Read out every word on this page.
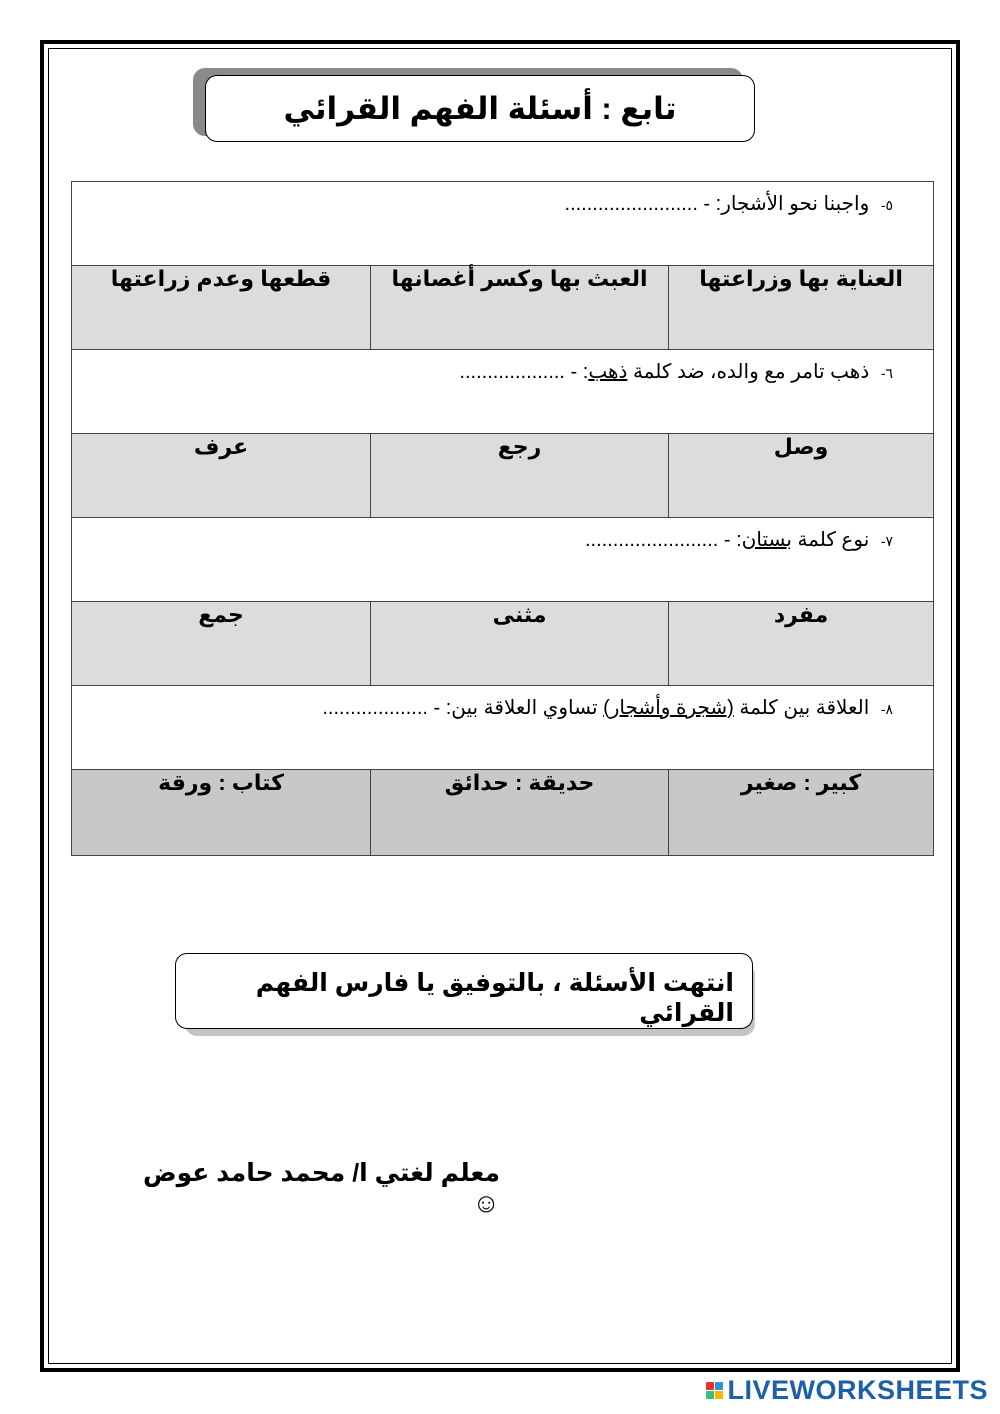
تابع : أسئلة الفهم القرائي
٥- واجبنا نحو الأشجار: - ........................		

العناية بها وزراعتها	العبث بها وكسر أغصانها	قطعها وعدم زراعتها

٦- ذهب تامر مع والده، ضد كلمة ذهب: - ...................		

وصل	رجع	عرف

٧- نوع كلمة بستان: - ........................		

مفرد	مثنى	جمع

٨- العلاقة بين كلمة (شجرة وأشجار) تساوي العلاقة بين: - ...................		

كبير : صغير	حديقة : حدائق	كتاب : ورقة
انتهت الأسئلة ، بالتوفيق يا فارس الفهم القرائي
معلم لغتي ا/ محمد حامد عوض ☺
LIVEWORKSHEETS
